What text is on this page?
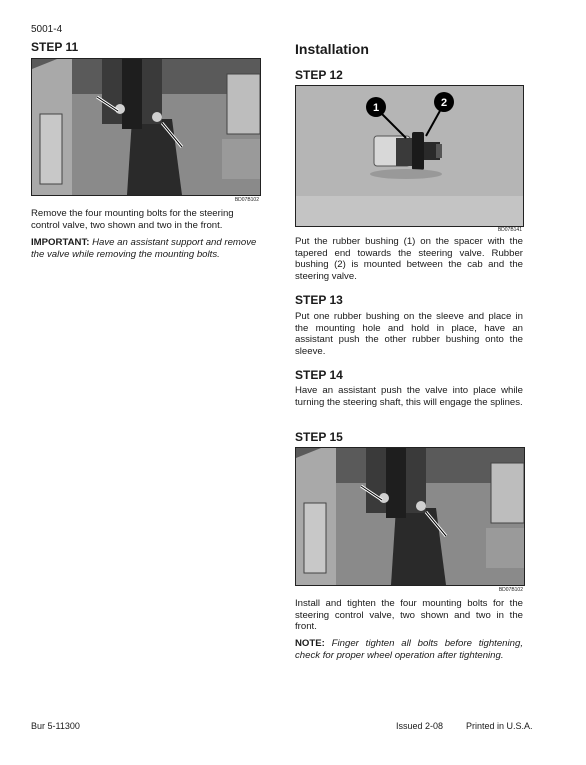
5001-4
STEP 11
BD07B102
Remove the four mounting bolts for the steering control valve, two shown and two in the front.
IMPORTANT: Have an assistant support and remove the valve while removing the mounting bolts.
Installation
STEP 12
1	2
BD07B141
Put the rubber bushing (1) on the spacer with the tapered end towards the steering valve. Rubber bushing (2) is mounted between the cab and the steering valve.
STEP 13
Put one rubber bushing on the sleeve and place in the mounting hole and hold in place, have an assistant push the other rubber bushing onto the sleeve.
STEP 14
Have an assistant push the valve into place while turning the steering shaft, this will engage the splines.
STEP 15
BD07B102
Install and tighten the four mounting bolts for the steering control valve, two shown and two in the front.
NOTE: Finger tighten all bolts before tightening, check for proper wheel operation after tightening.
Bur 5-11300	Issued 2-08	Printed in U.S.A.
